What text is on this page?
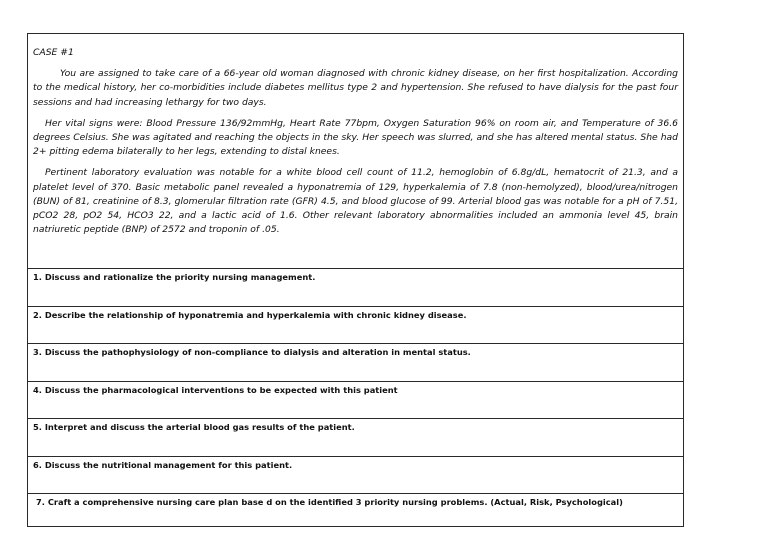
CASE #1

You are assigned to take care of a 66-year old woman diagnosed with chronic kidney disease, on her first hospitalization. According to the medical history, her co-morbidities include diabetes mellitus type 2 and hypertension. She refused to have dialysis for the past four sessions and had increasing lethargy for two days.

Her vital signs were: Blood Pressure 136/92mmHg, Heart Rate 77bpm, Oxygen Saturation 96% on room air, and Temperature of 36.6 degrees Celsius. She was agitated and reaching the objects in the sky. Her speech was slurred, and she has altered mental status. She had 2+ pitting edema bilaterally to her legs, extending to distal knees.

Pertinent laboratory evaluation was notable for a white blood cell count of 11.2, hemoglobin of 6.8g/dL, hematocrit of 21.3, and a platelet level of 370. Basic metabolic panel revealed a hyponatremia of 129, hyperkalemia of 7.8 (non-hemolyzed), blood/urea/nitrogen (BUN) of 81, creatinine of 8.3, glomerular filtration rate (GFR) 4.5, and blood glucose of 99. Arterial blood gas was notable for a pH of 7.51, pCO2 28, pO2 54, HCO3 22, and a lactic acid of 1.6. Other relevant laboratory abnormalities included an ammonia level 45, brain natriuretic peptide (BNP) of 2572 and troponin of .05.

1. Discuss and rationalize the priority nursing management.
2. Describe the relationship of hyponatremia and hyperkalemia with chronic kidney disease.
3. Discuss the pathophysiology of non-compliance to dialysis and alteration in mental status.
4. Discuss the pharmacological interventions to be expected with this patient
5. Interpret and discuss the arterial blood gas results of the patient.
6. Discuss the nutritional management for this patient.
7. Craft a comprehensive nursing care plan base d on the identified 3 priority nursing problems. (Actual, Risk, Psychological)
